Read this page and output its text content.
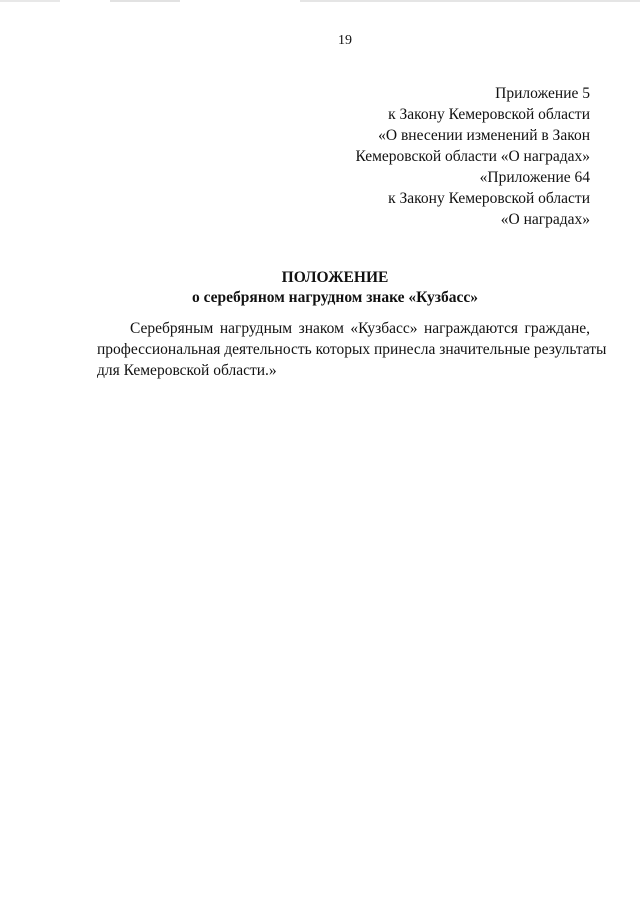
19
Приложение 5
к Закону Кемеровской области
«О внесении изменений в Закон
Кемеровской области «О наградах»
«Приложение 64
к Закону Кемеровской области
«О наградах»
ПОЛОЖЕНИЕ
о серебряном нагрудном знаке «Кузбасс»
Серебряным нагрудным знаком «Кузбасс» награждаются граждане,
профессиональная деятельность которых принесла значительные результаты
для Кемеровской области.»
